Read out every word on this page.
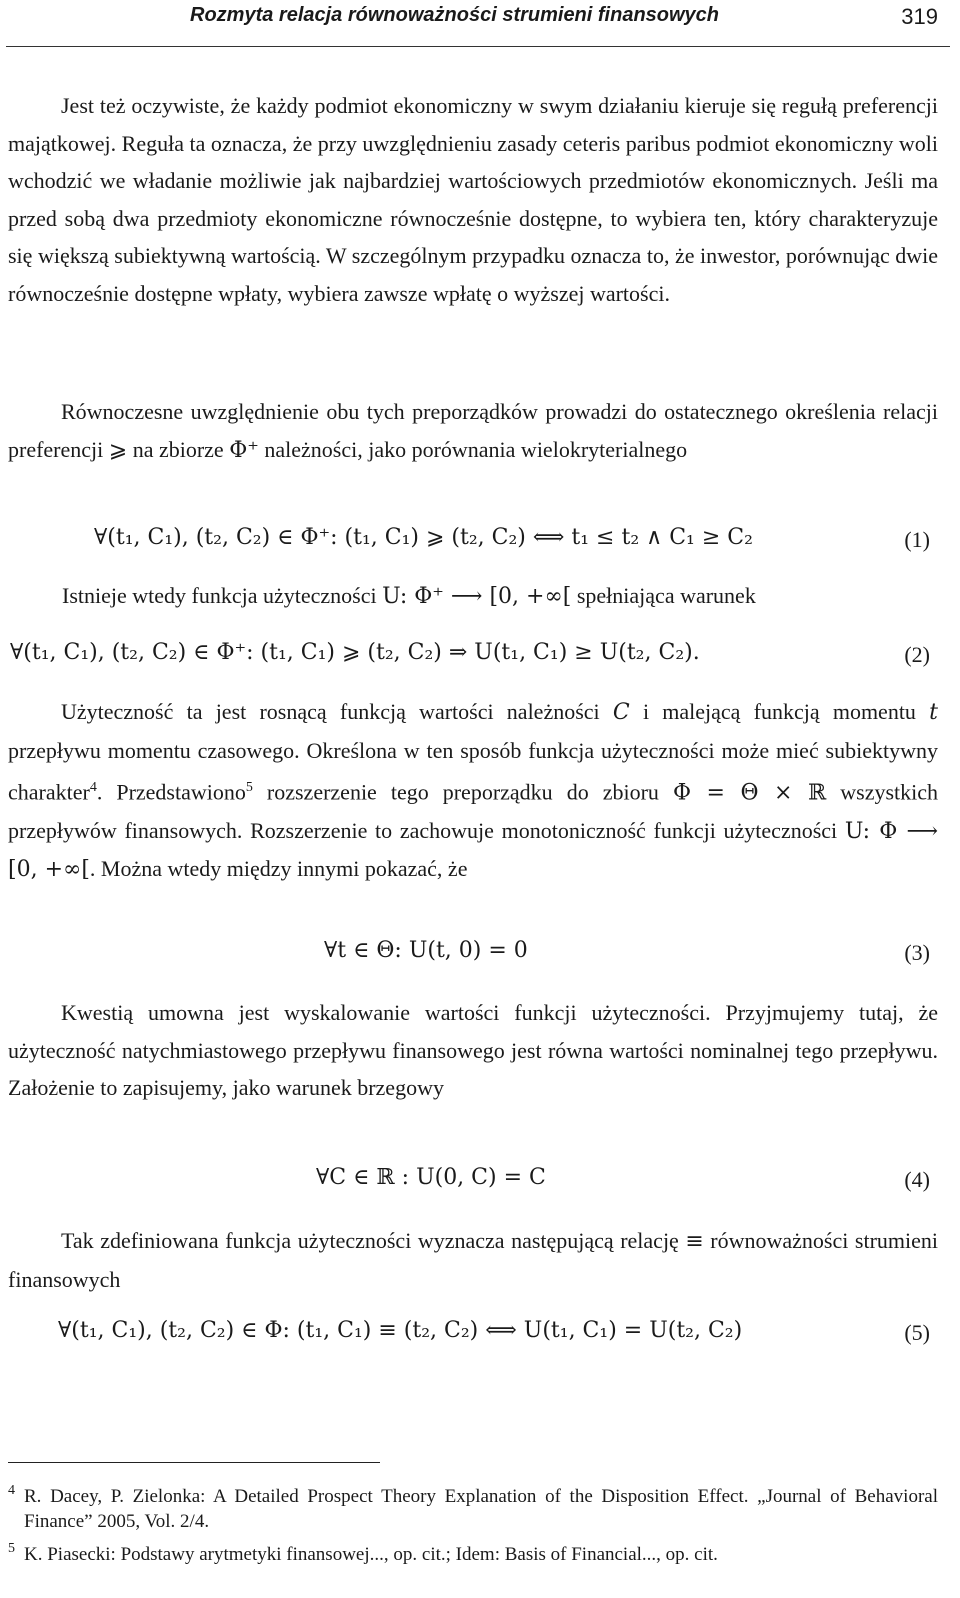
Rozmyta relacja równoważności strumieni finansowych	319

Jest też oczywiste, że każdy podmiot ekonomiczny w swym działaniu kieruje się regułą preferencji majątkowej. Reguła ta oznacza, że przy uwzględnieniu zasady ceteris paribus podmiot ekonomiczny woli wchodzić we władanie możliwie jak najbardziej wartościowych przedmiotów ekonomicznych. Jeśli ma przed sobą dwa przedmioty ekonomiczne równocześnie dostępne, to wybiera ten, który charakteryzuje się większą subiektywną wartością. W szczególnym przypadku oznacza to, że inwestor, porównując dwie równocześnie dostępne wpłaty, wybiera zawsze wpłatę o wyższej wartości.

Równoczesne uwzględnienie obu tych preporządków prowadzi do ostatecznego określenia relacji preferencji ⩾ na zbiorze Φ⁺ należności, jako porównania wielokryterialnego

∀(t₁, C₁), (t₂, C₂) ∈ Φ⁺: (t₁, C₁) ⩾ (t₂, C₂) ⟺ t₁ ≤ t₂ ∧ C₁ ≥ C₂	(1)
Istnieje wtedy funkcja użyteczności U: Φ⁺ ⟶ [0, +∞[ spełniająca warunek
∀(t₁, C₁), (t₂, C₂) ∈ Φ⁺: (t₁, C₁) ⩾ (t₂, C₂) ⇒ U(t₁, C₁) ≥ U(t₂, C₂).	(2)

Użyteczność ta jest rosnącą funkcją wartości należności C i malejącą funkcją momentu t przepływu momentu czasowego. Określona w ten sposób funkcja użyteczności może mieć subiektywny charakter$^4$. Przedstawiono$^5$ rozszerzenie tego preporządku do zbioru Φ = Θ × ℝ wszystkich przepływów finansowych. Rozszerzenie to zachowuje monotoniczność funkcji użyteczności U: Φ ⟶ [0, +∞[. Można wtedy między innymi pokazać, że

∀t ∈ Θ: U(t, 0) = 0	(3)

Kwestią umowna jest wyskalowanie wartości funkcji użyteczności. Przyjmujemy tutaj, że użyteczność natychmiastowego przepływu finansowego jest równa wartości nominalnej tego przepływu. Założenie to zapisujemy, jako warunek brzegowy

∀C ∈ ℝ : U(0, C) = C	(4)

Tak zdefiniowana funkcja użyteczności wyznacza następującą relację ≡ równoważności strumieni finansowych

∀(t₁, C₁), (t₂, C₂) ∈ Φ: (t₁, C₁) ≡ (t₂, C₂) ⟺ U(t₁, C₁) = U(t₂, C₂)	(5)
4 R. Dacey, P. Zielonka: A Detailed Prospect Theory Explanation of the Disposition Effect. „Journal of Behavioral Finance” 2005, Vol. 2/4.
5 K. Piasecki: Podstawy arytmetyki finansowej..., op. cit.; Idem: Basis of Financial..., op. cit.
